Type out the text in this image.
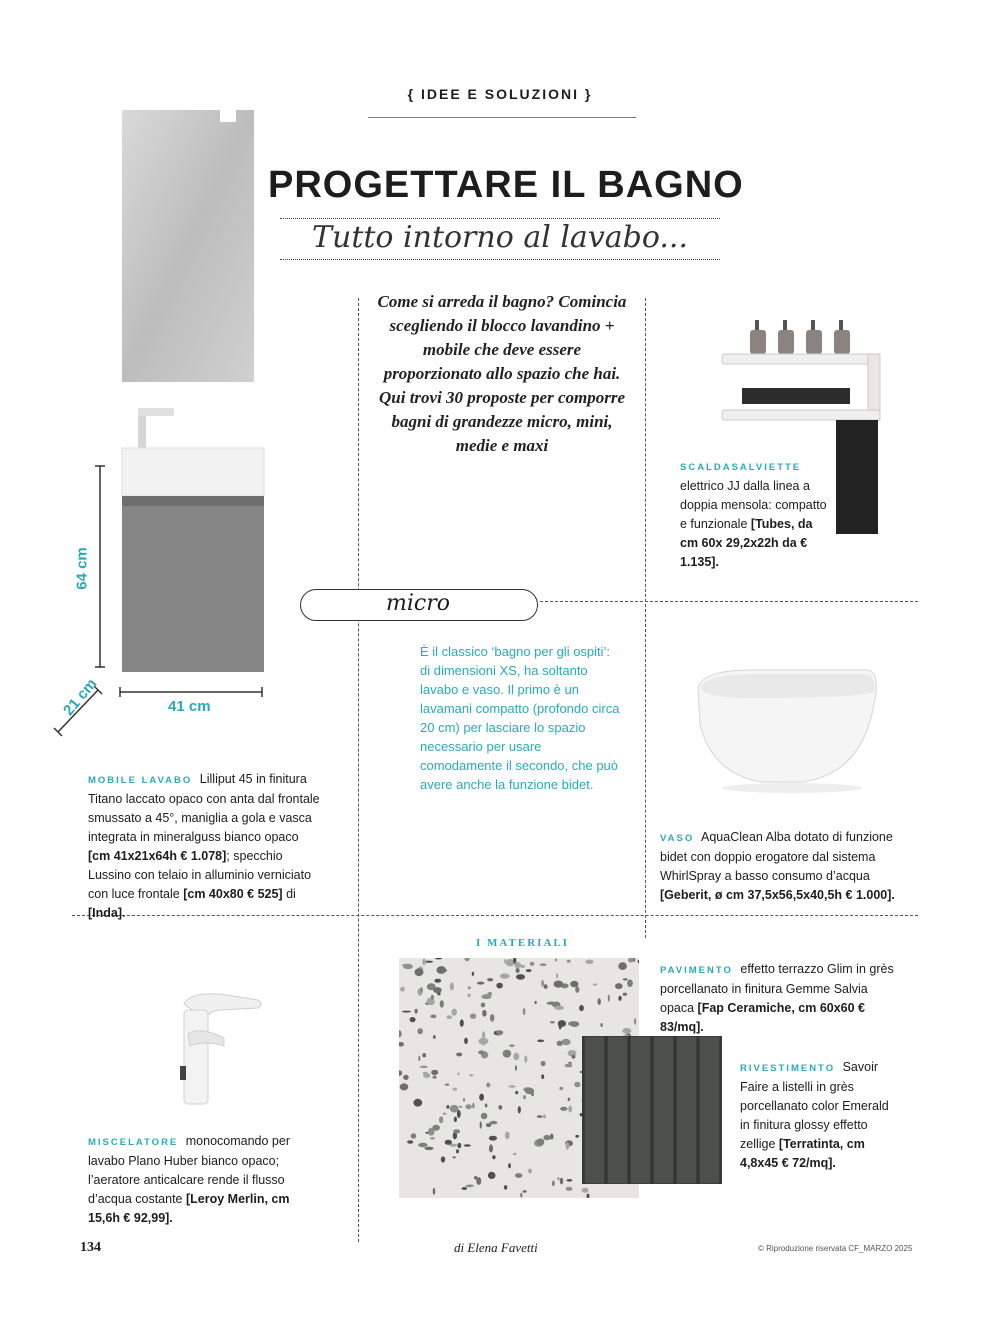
{ IDEE E SOLUZIONI }
PROGETTARE IL BAGNO
Tutto intorno al lavabo...
64 cm
41 cm
21 cm
Come si arreda il bagno? Comincia scegliendo il blocco lavandino + mobile che deve essere proporzionato allo spazio che hai. Qui trovi 30 proposte per comporre bagni di grandezze micro, mini, medie e maxi
SCALDASALVIETTE
elettrico JJ dalla linea a doppia mensola: compatto e funzionale [Tubes, da cm 60x 29,2x22h da € 1.135].
micro
È il classico ‘bagno per gli ospiti’: di dimensioni XS, ha soltanto lavabo e vaso. Il primo è un lavamani compatto (profondo circa 20 cm) per lasciare lo spazio necessario per usare comodamente il secondo, che può avere anche la funzione bidet.
VASO AquaClean Alba dotato di funzione bidet con doppio erogatore dal sistema WhirlSpray a basso consumo d’acqua [Geberit, ø cm 37,5x56,5x40,5h € 1.000].
MOBILE LAVABO Lilliput 45 in finitura Titano laccato opaco con anta dal frontale smussato a 45°, maniglia a gola e vasca integrata in mineralguss bianco opaco [cm 41x21x64h € 1.078]; specchio Lussino con telaio in alluminio verniciato con luce frontale [cm 40x80 € 525] di [Inda].
MISCELATORE monocomando per lavabo Plano Huber bianco opaco; l’aeratore anticalcare rende il flusso d’acqua costante [Leroy Merlin, cm 15,6h € 92,99].
I MATERIALI
PAVIMENTO effetto terrazzo Glim in grès porcellanato in finitura Gemme Salvia opaca [Fap Ceramiche, cm 60x60 € 83/mq].
RIVESTIMENTO Savoir Faire a listelli in grès porcellanato color Emerald in finitura glossy effetto zellige [Terratinta, cm 4,8x45 € 72/mq].
134	di Elena Favetti	© Riproduzione riservata CF_MARZO 2025
